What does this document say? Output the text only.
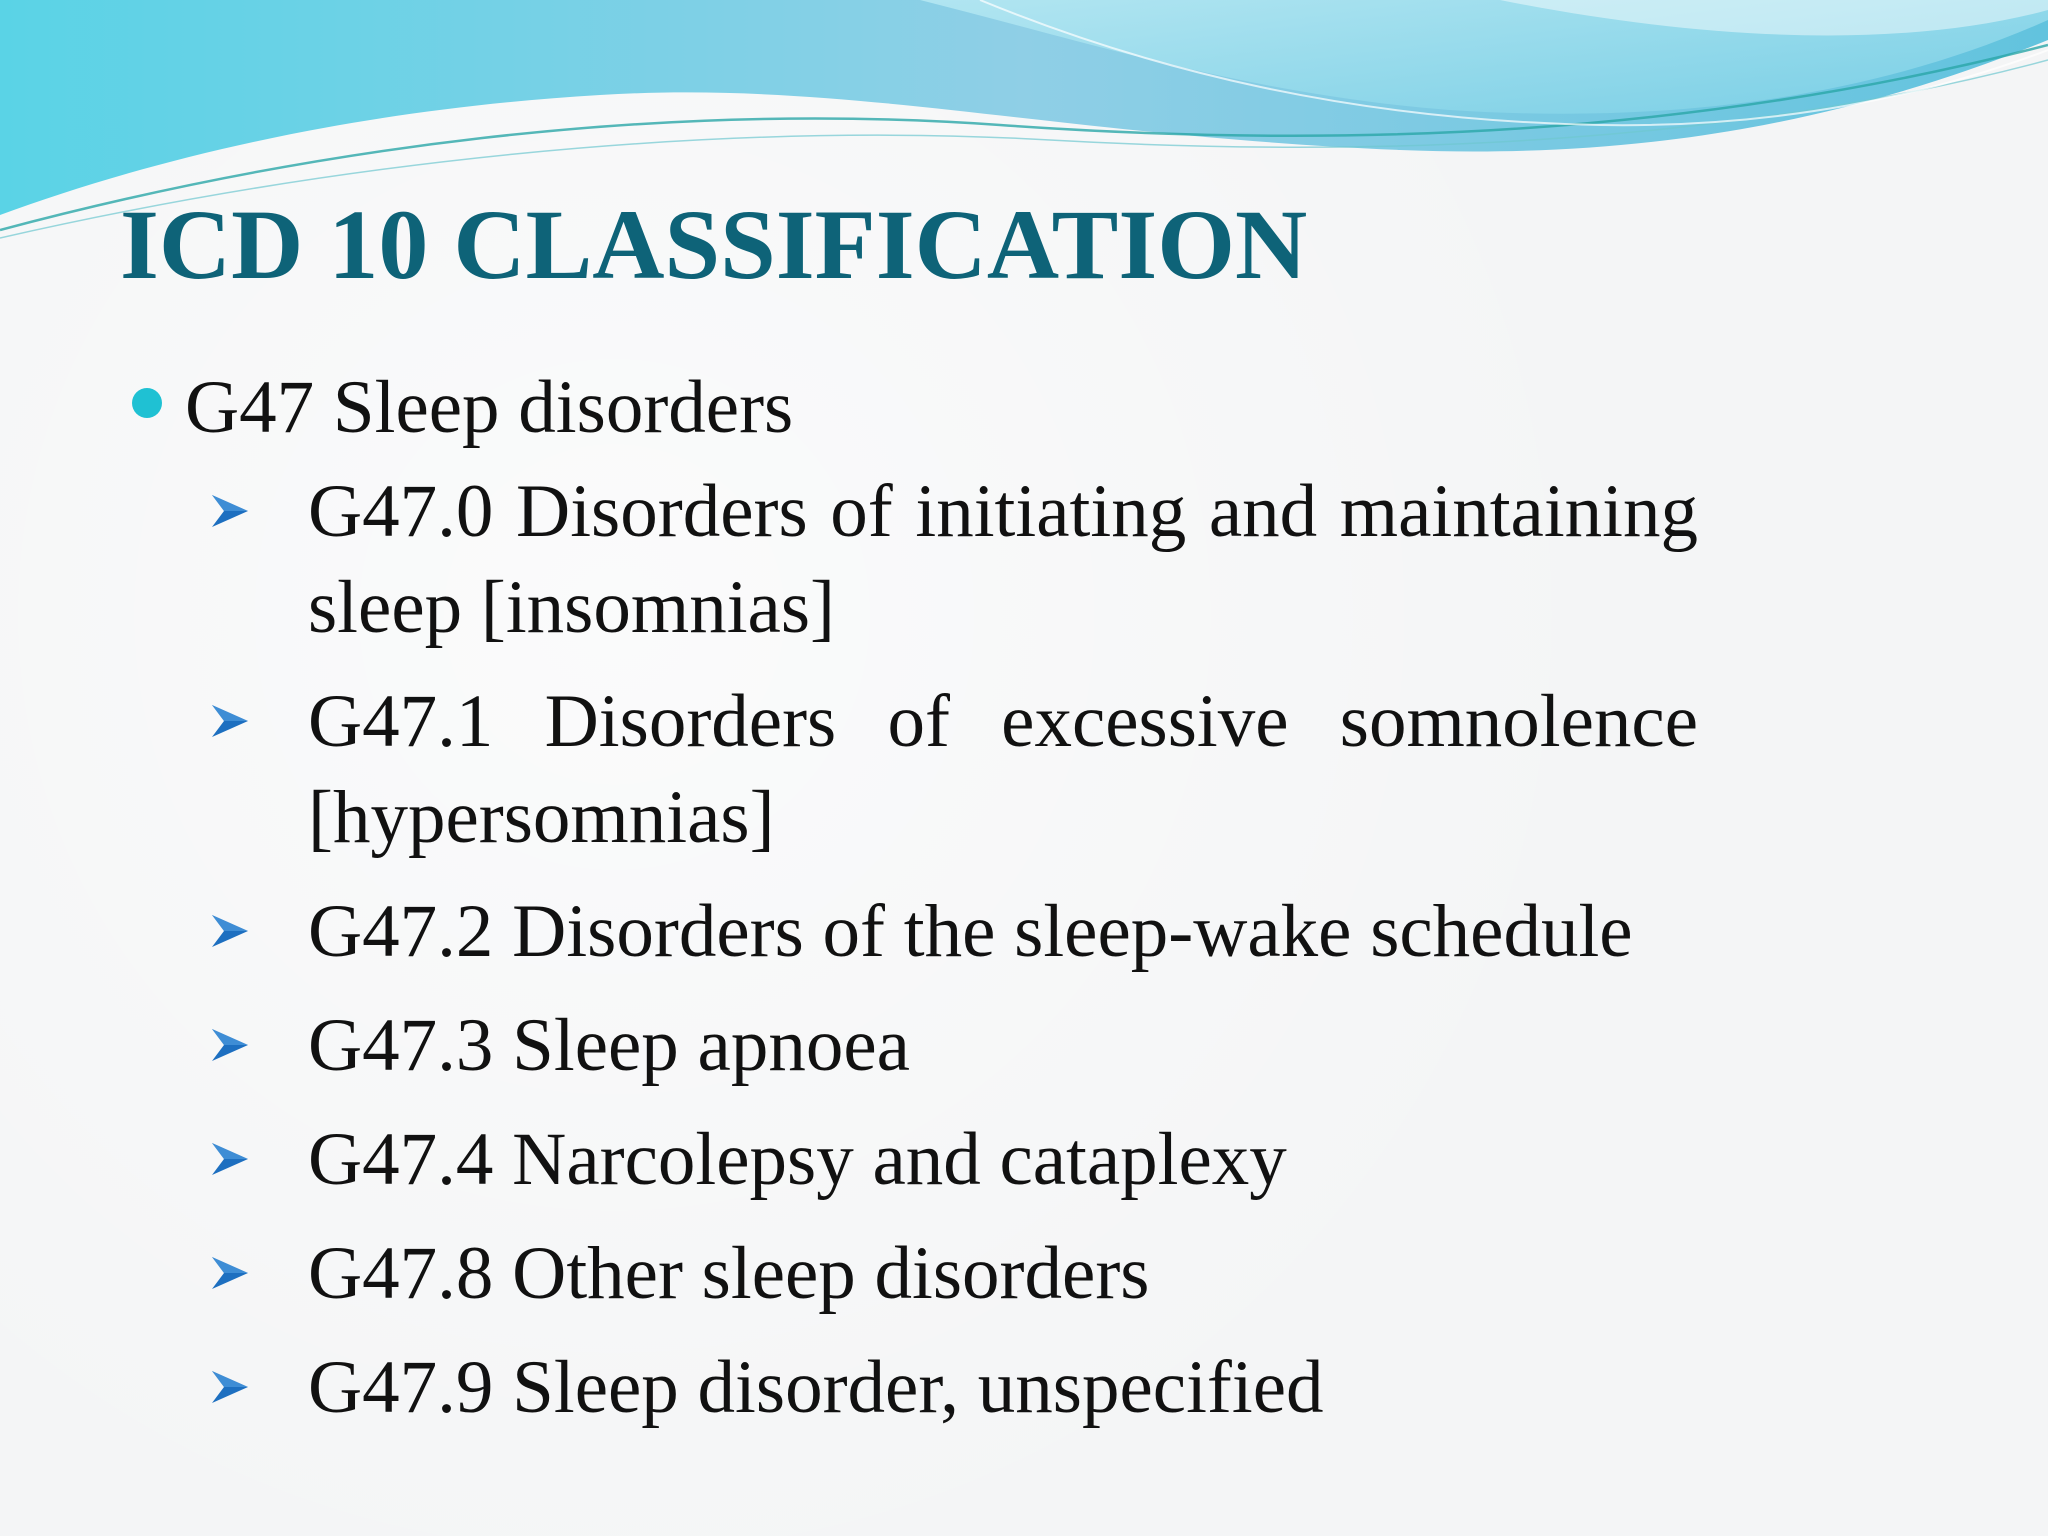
ICD 10 CLASSIFICATION
G47 Sleep disorders
G47.0 Disorders of initiating and maintaining sleep [insomnias]
G47.1 Disorders of excessive somnolence [hypersomnias]
G47.2 Disorders of the sleep-wake schedule
G47.3 Sleep apnoea
G47.4 Narcolepsy and cataplexy
G47.8 Other sleep disorders
G47.9 Sleep disorder, unspecified
